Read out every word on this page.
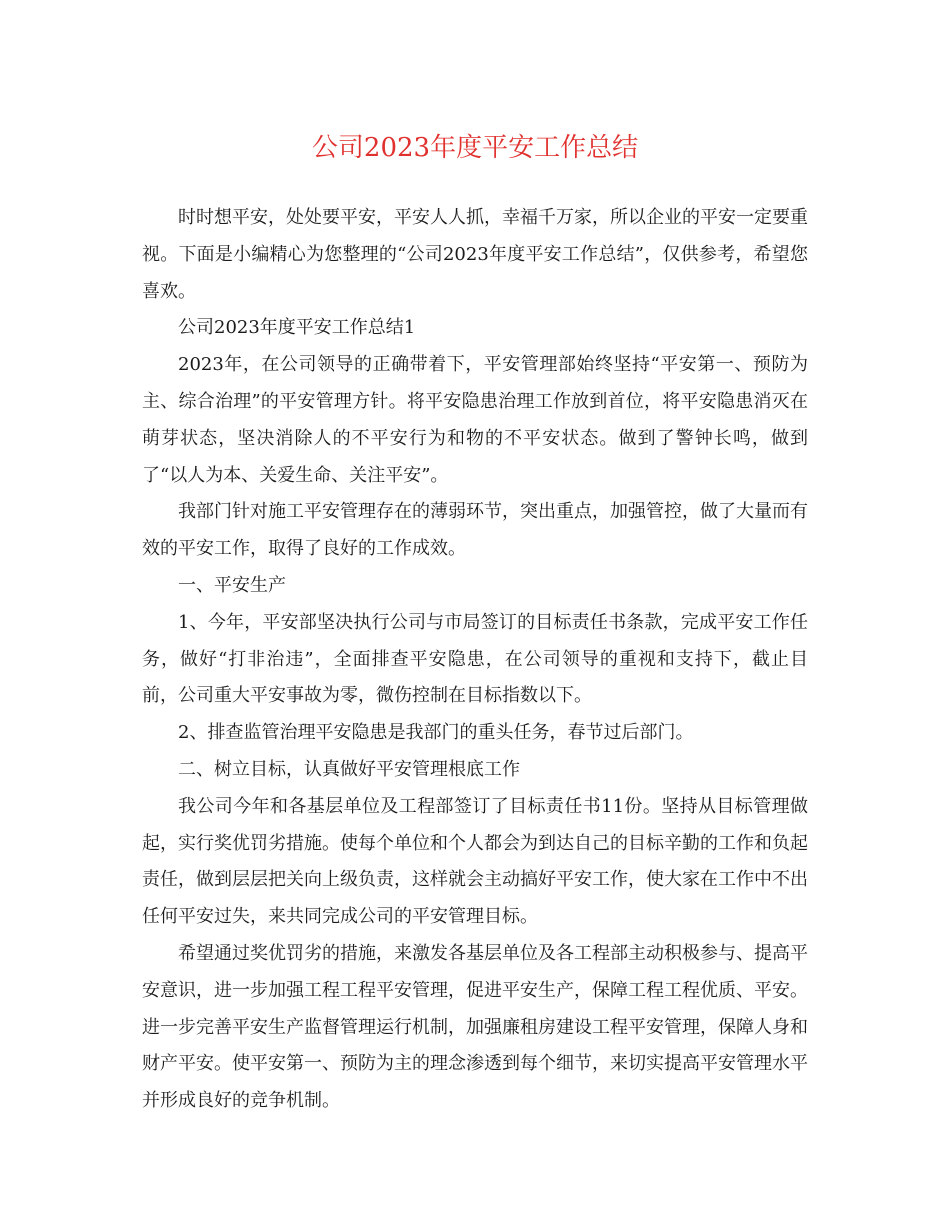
公司2023年度平安工作总结

时时想平安，处处要平安，平安人人抓，幸福千万家，所以企业的平安一定要重视。下面是小编精心为您整理的“公司2023年度平安工作总结”，仅供参考，希望您喜欢。

公司2023年度平安工作总结1

2023年，在公司领导的正确带着下，平安管理部始终坚持“平安第一、预防为主、综合治理”的平安管理方针。将平安隐患治理工作放到首位，将平安隐患消灭在萌芽状态，坚决消除人的不平安行为和物的不平安状态。做到了警钟长鸣，做到了“以人为本、关爱生命、关注平安”。

我部门针对施工平安管理存在的薄弱环节，突出重点，加强管控，做了大量而有效的平安工作，取得了良好的工作成效。

一、平安生产

1、今年，平安部坚决执行公司与市局签订的目标责任书条款，完成平安工作任务，做好“打非治违”，全面排查平安隐患，在公司领导的重视和支持下，截止目前，公司重大平安事故为零，微伤控制在目标指数以下。

2、排查监管治理平安隐患是我部门的重头任务，春节过后部门。

二、树立目标，认真做好平安管理根底工作

我公司今年和各基层单位及工程部签订了目标责任书11份。坚持从目标管理做起，实行奖优罚劣措施。使每个单位和个人都会为到达自己的目标辛勤的工作和负起责任，做到层层把关向上级负责，这样就会主动搞好平安工作，使大家在工作中不出任何平安过失，来共同完成公司的平安管理目标。

希望通过奖优罚劣的措施，来激发各基层单位及各工程部主动积极参与、提高平安意识，进一步加强工程工程平安管理，促进平安生产，保障工程工程优质、平安。进一步完善平安生产监督管理运行机制，加强廉租房建设工程平安管理，保障人身和财产平安。使平安第一、预防为主的理念渗透到每个细节，来切实提高平安管理水平并形成良好的竞争机制。
